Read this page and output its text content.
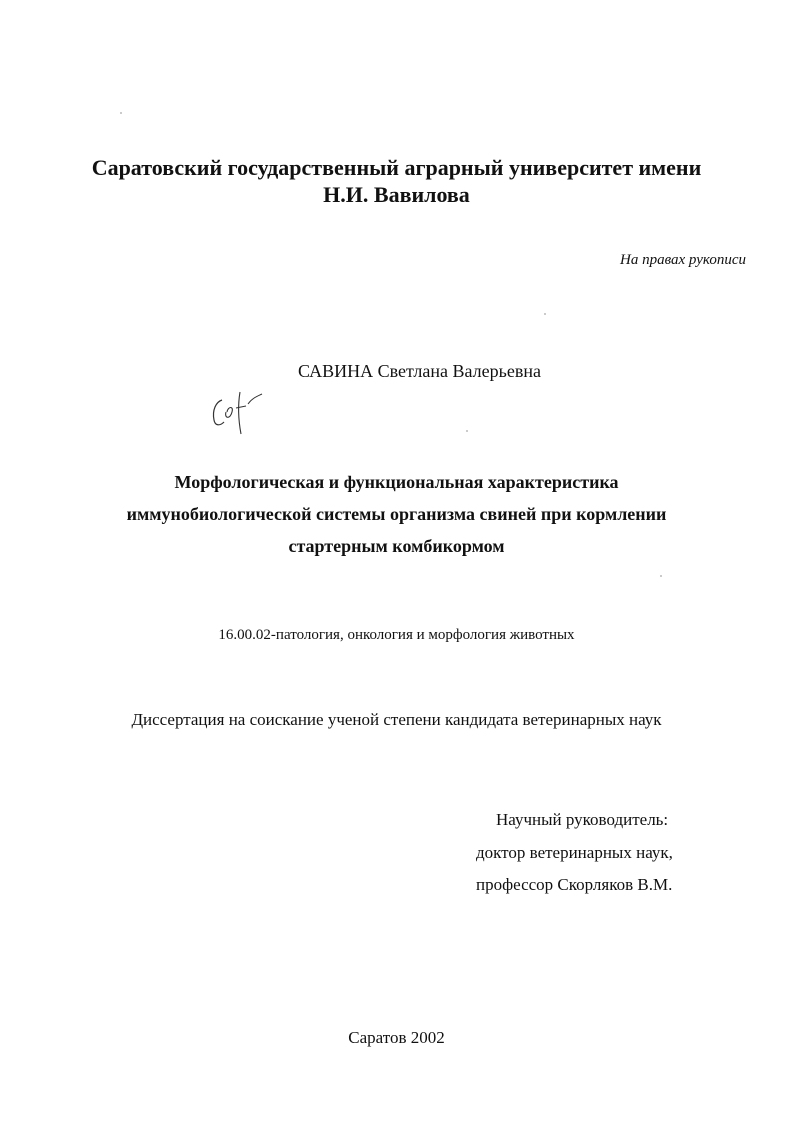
Саратовский государственный аграрный университет имени
Н.И. Вавилова
На правах рукописи
САВИНА Светлана Валерьевна
Морфологическая и функциональная характеристика
иммунобиологической системы организма свиней при кормлении
стартерным комбикормом
16.00.02-патология, онкология и морфология животных
Диссертация на соискание ученой степени кандидата ветеринарных наук
Научный руководитель:
доктор ветеринарных наук,
профессор Скорляков В.М.
Саратов 2002
